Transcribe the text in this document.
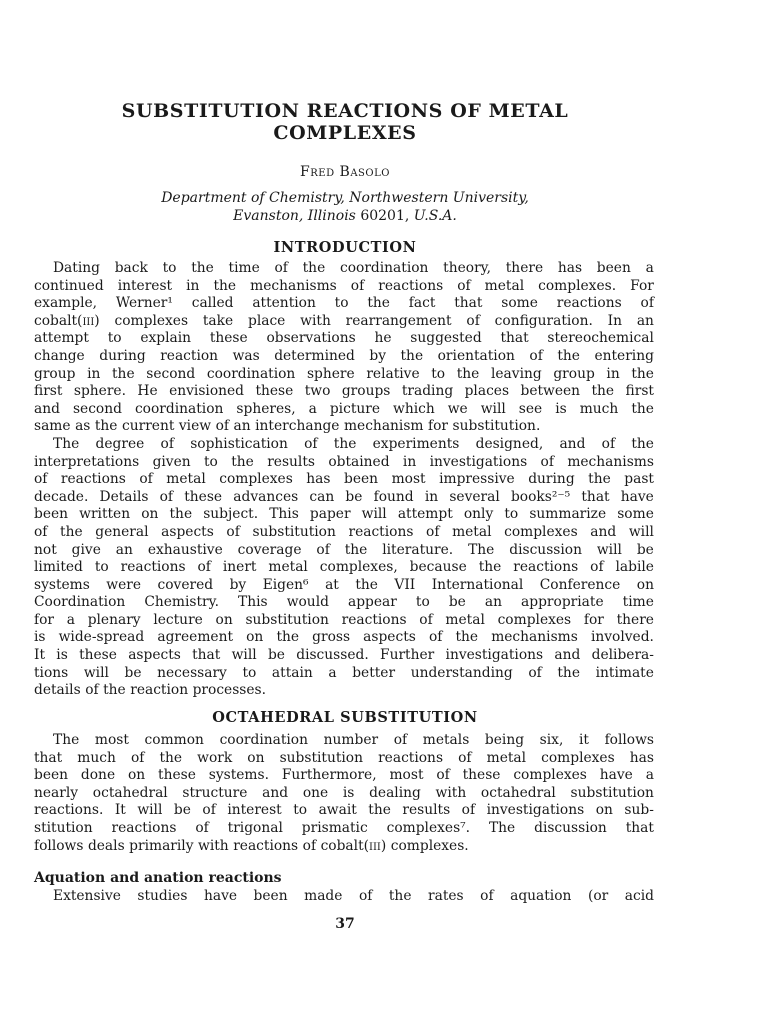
SUBSTITUTION REACTIONS OF METAL
COMPLEXES
Fred Basolo
Department of Chemistry, Northwestern University,
Evanston, Illinois 60201, U.S.A.
INTRODUCTION
Dating back to the time of the coordination theory, there has been a
continued interest in the mechanisms of reactions of metal complexes. For
example, Werner¹ called attention to the fact that some reactions of
cobalt(iii) complexes take place with rearrangement of configuration. In an
attempt to explain these observations he suggested that stereochemical
change during reaction was determined by the orientation of the entering
group in the second coordination sphere relative to the leaving group in the
first sphere. He envisioned these two groups trading places between the first
and second coordination spheres, a picture which we will see is much the
same as the current view of an interchange mechanism for substitution.
The degree of sophistication of the experiments designed, and of the
interpretations given to the results obtained in investigations of mechanisms
of reactions of metal complexes has been most impressive during the past
decade. Details of these advances can be found in several books²⁻⁵ that have
been written on the subject. This paper will attempt only to summarize some
of the general aspects of substitution reactions of metal complexes and will
not give an exhaustive coverage of the literature. The discussion will be
limited to reactions of inert metal complexes, because the reactions of labile
systems were covered by Eigen⁶ at the VII International Conference on
Coordination Chemistry. This would appear to be an appropriate time
for a plenary lecture on substitution reactions of metal complexes for there
is wide-spread agreement on the gross aspects of the mechanisms involved.
It is these aspects that will be discussed. Further investigations and delibera-
tions will be necessary to attain a better understanding of the intimate
details of the reaction processes.
OCTAHEDRAL SUBSTITUTION
The most common coordination number of metals being six, it follows
that much of the work on substitution reactions of metal complexes has
been done on these systems. Furthermore, most of these complexes have a
nearly octahedral structure and one is dealing with octahedral substitution
reactions. It will be of interest to await the results of investigations on sub-
stitution reactions of trigonal prismatic complexes⁷. The discussion that
follows deals primarily with reactions of cobalt(iii) complexes.
Aquation and anation reactions
Extensive studies have been made of the rates of aquation (or acid
37
